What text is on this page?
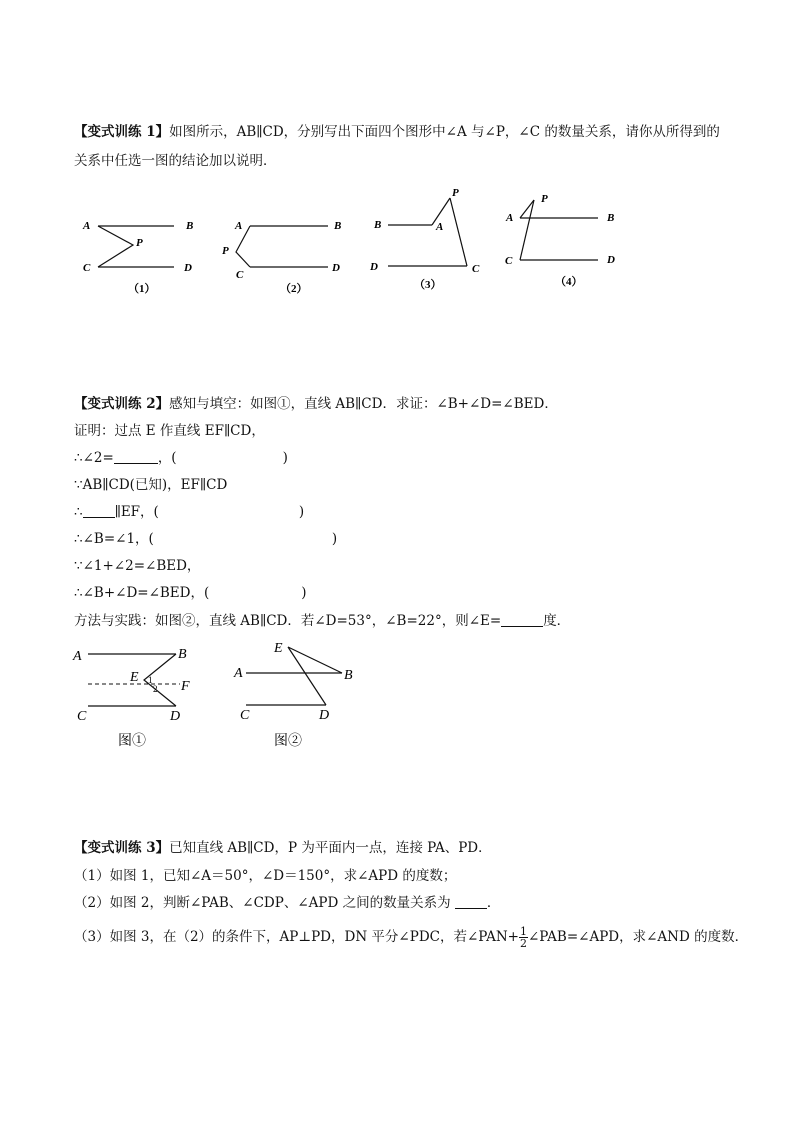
【变式训练 1】如图所示，AB∥CD，分别写出下面四个图形中∠A 与∠P，∠C 的数量关系，请你从所得到的
关系中任选一图的结论加以说明．
A	B
P
C	D
（1）
A	B
P
C
D
（2）
P
B	A
D	C
（3）
P
A	B
C	D
（4）
【变式训练 2】感知与填空：如图①，直线 AB∥CD．求证：∠B+∠D=∠BED．
证明：过点 E 作直线 EF∥CD，
∴∠2=	，(	)
∵AB∥CD(已知)，EF∥CD
∴ ∥EF，(	)
∴∠B=∠1，(	)
∵∠1+∠2=∠BED，
∴∠B+∠D=∠BED，(	)
方法与实践：如图②，直线 AB∥CD．若∠D=53°，∠B=22°，则∠E=	度．
A	B
E 1
2 F
C	D
图①
E
A	B
C	D
图②
【变式训练 3】已知直线 AB∥CD，P 为平面内一点，连接 PA、PD．
（1）如图 1，已知∠A＝50°，∠D＝150°，求∠APD 的度数；
（2）如图 2，判断∠PAB、∠CDP、∠APD 之间的数量关系为	．
（3）如图 3，在（2）的条件下，AP⊥PD，DN 平分∠PDC，若∠PAN+ $\frac{1}{2}$ ∠PAB=∠APD，求∠AND 的度数．
